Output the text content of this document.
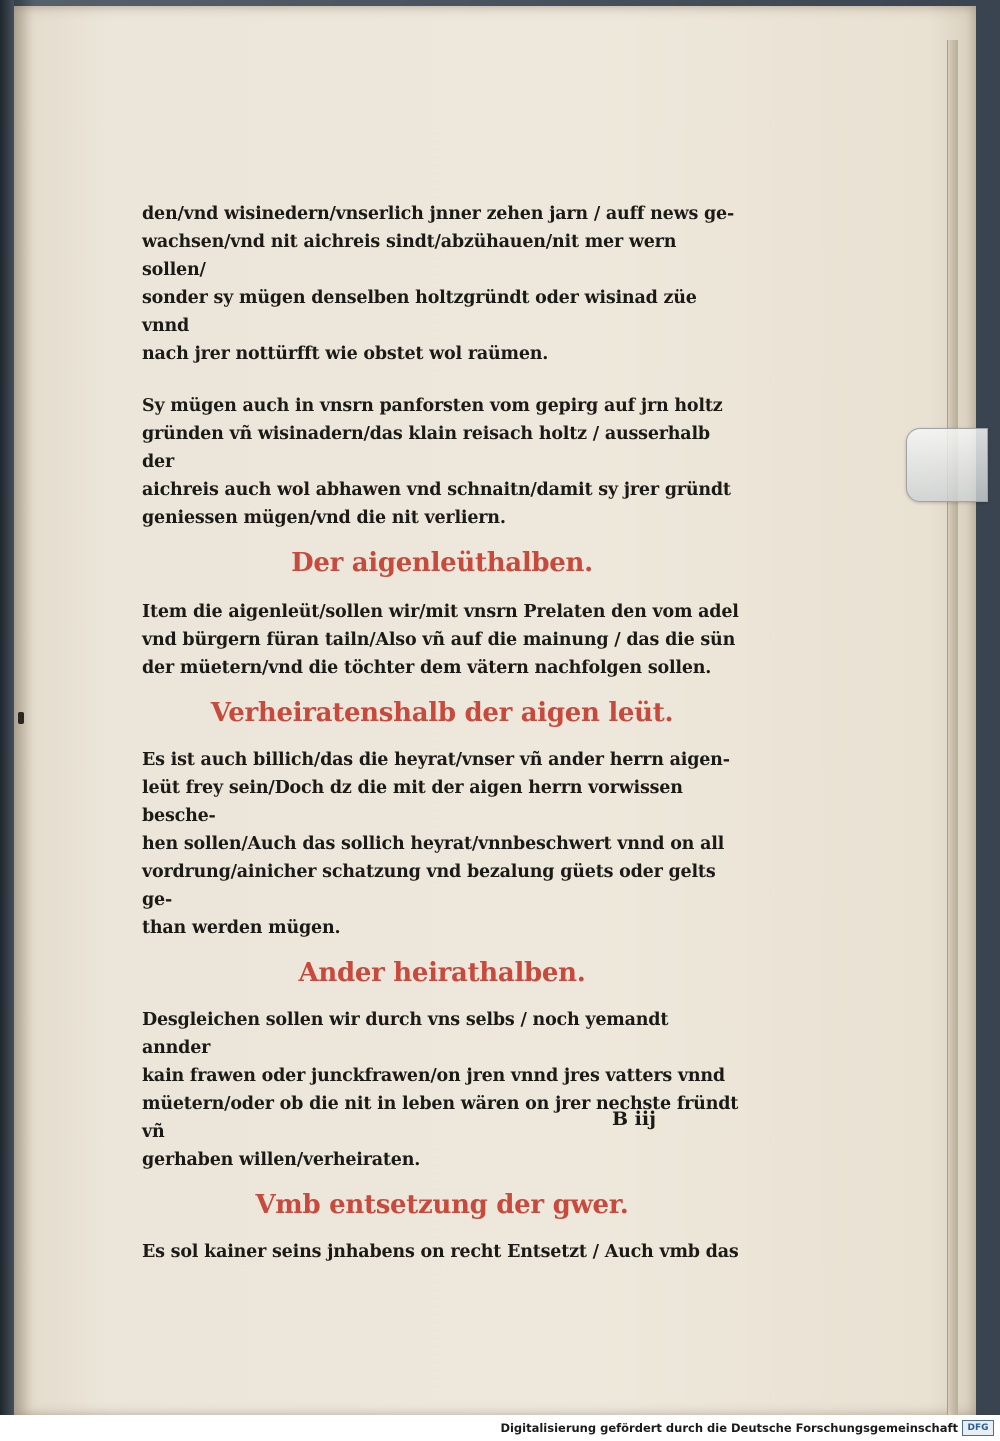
den/vnd wisinedern/vnserlich jnner zehen jarn / auff news ge-
wachsen/vnd nit aichreis sindt/abzühauen/nit mer wern sollen/
sonder sy mügen denselben holtzgründt oder wisinad züe vnnd
nach jrer nottürfft wie obstet wol raümen.

Sy mügen auch in vnsrn panforsten vom gepirg auf jrn holtz
gründen vñ wisinadern/das klain reisach holtz / ausserhalb der
aichreis auch wol abhawen vnd schnaitn/damit sy jrer gründt
geniessen mügen/vnd die nit verliern.

Der aigenleüthalben.

Item die aigenleüt/sollen wir/mit vnsrn Prelaten den vom adel
vnd bürgern füran tailn/Also vñ auf die mainung / das die sün
der müetern/vnd die töchter dem vätern nachfolgen sollen.

Verheiratenshalb der aigen leüt.

Es ist auch billich/das die heyrat/vnser vñ ander herrn aigen-
leüt frey sein/Doch dz die mit der aigen herrn vorwissen besche-
hen sollen/Auch das sollich heyrat/vnnbeschwert vnnd on all
vordrung/ainicher schatzung vnd bezalung güets oder gelts ge-
than werden mügen.

Ander heirathalben.

Desgleichen sollen wir durch vns selbs / noch yemandt annder
kain frawen oder junckfrawen/on jren vnnd jres vatters vnnd
müetern/oder ob die nit in leben wären on jrer nechste fründt vñ
gerhaben willen/verheiraten.

Vmb entsetzung der gwer.

Es sol kainer seins jnhabens on recht Entsetzt / Auch vmb das

B iij
Digitalisierung gefördert durch die Deutsche Forschungsgemeinschaft	DFG
